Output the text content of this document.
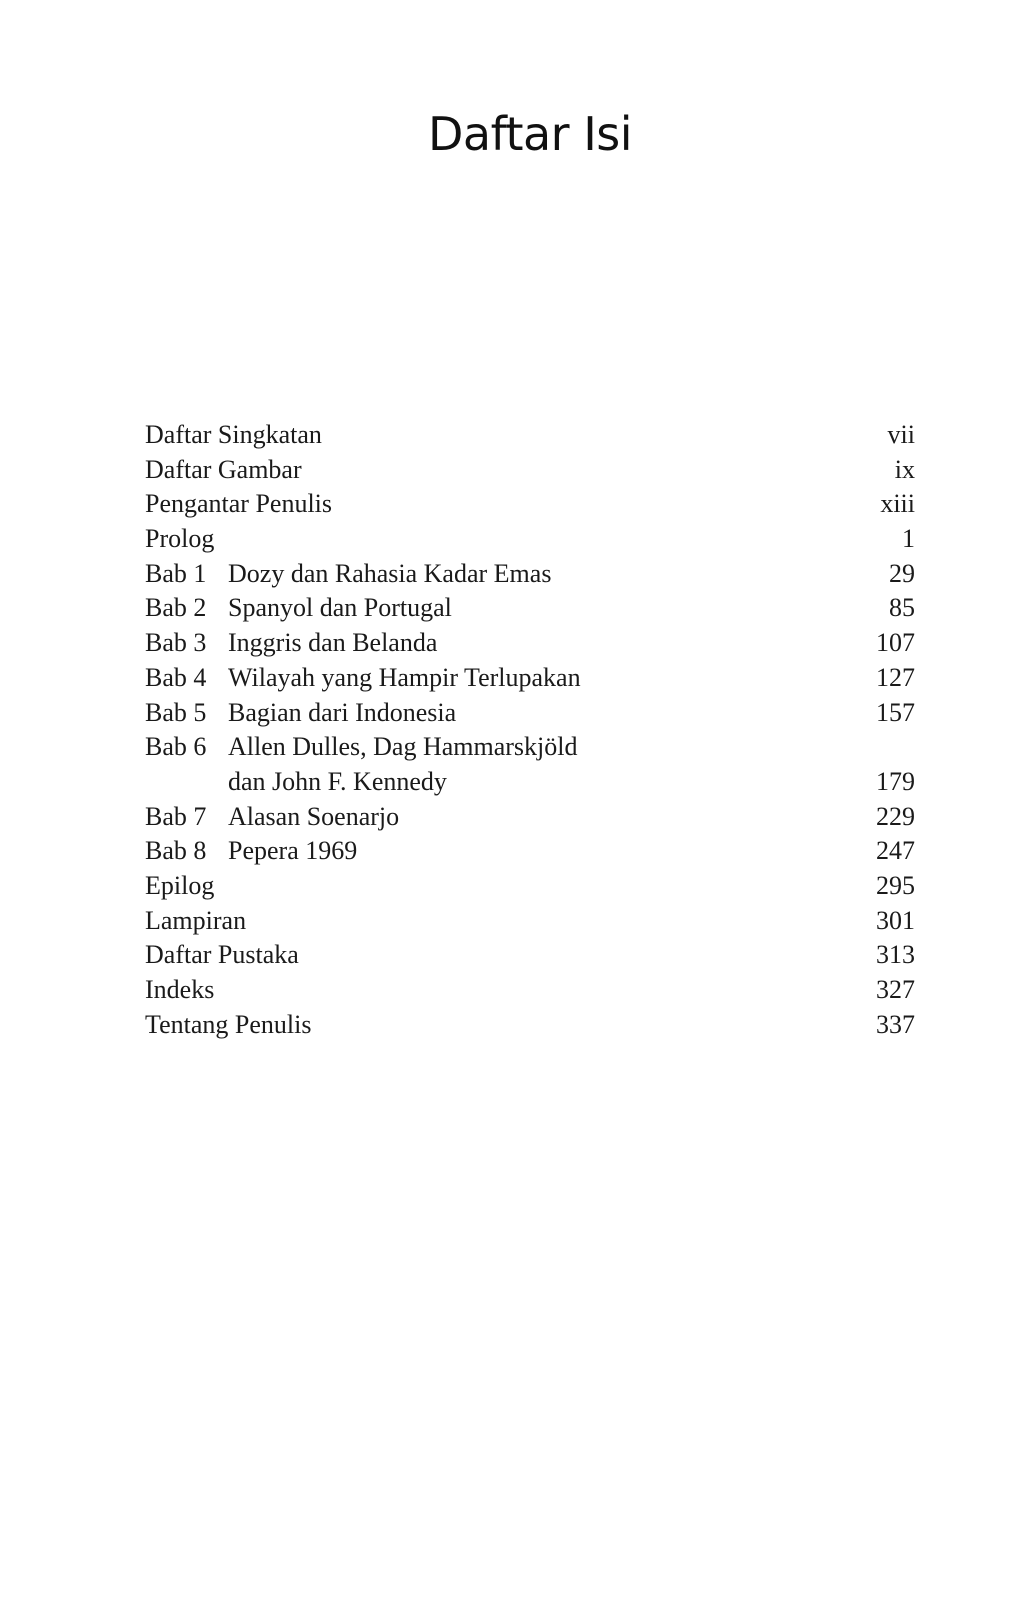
Daftar Isi
Daftar Singkatan	vii
Daftar Gambar	ix
Pengantar Penulis	xiii
Prolog	1
Bab 1 Dozy dan Rahasia Kadar Emas	29
Bab 2 Spanyol dan Portugal	85
Bab 3 Inggris dan Belanda	107
Bab 4 Wilayah yang Hampir Terlupakan	127
Bab 5 Bagian dari Indonesia	157
Bab 6 Allen Dulles, Dag Hammarskjöld
dan John F. Kennedy	179
Bab 7 Alasan Soenarjo	229
Bab 8 Pepera 1969	247
Epilog	295
Lampiran	301
Daftar Pustaka	313
Indeks	327
Tentang Penulis	337
